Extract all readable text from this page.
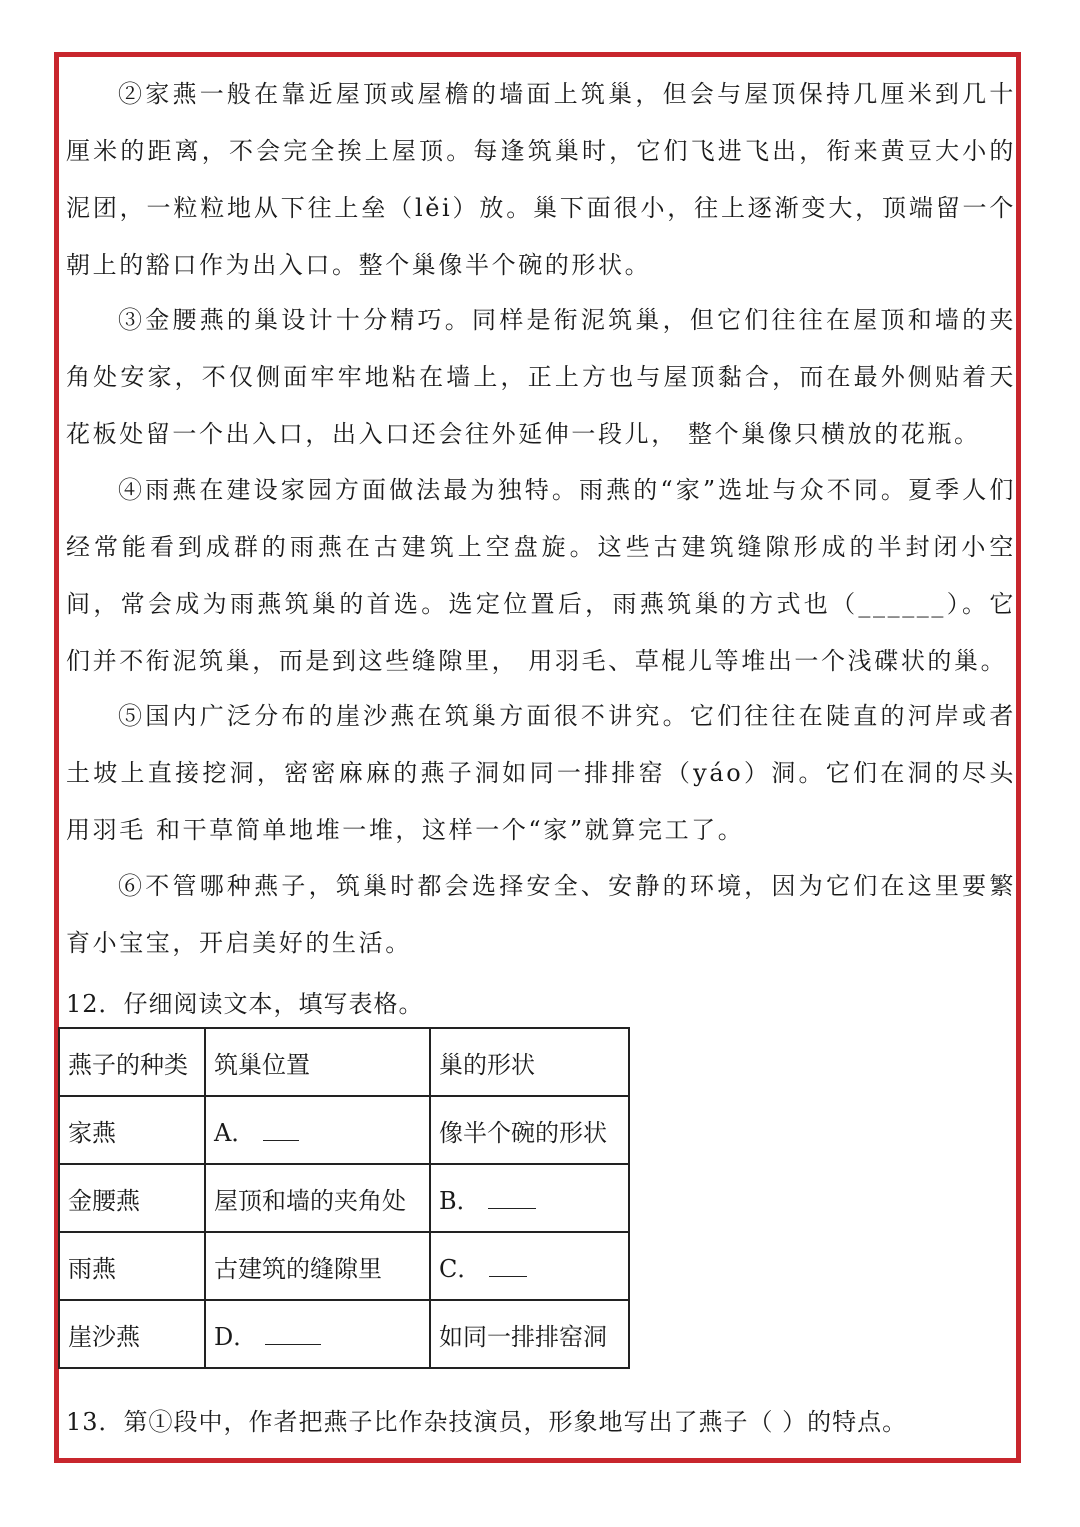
②家燕一般在靠近屋顶或屋檐的墙面上筑巢，但会与屋顶保持几厘米到几十厘米的距离，不会完全挨上屋顶。每逢筑巢时，它们飞进飞出，衔来黄豆大小的泥团，一粒粒地从下往上垒（lěi）放。巢下面很小，往上逐渐变大，顶端留一个朝上的豁口作为出入口。整个巢像半个碗的形状。

③金腰燕的巢设计十分精巧。同样是衔泥筑巢，但它们往往在屋顶和墙的夹角处安家，不仅侧面牢牢地粘在墙上，正上方也与屋顶黏合，而在最外侧贴着天花板处留一个出入口，出入口还会往外延伸一段儿， 整个巢像只横放的花瓶。

④雨燕在建设家园方面做法最为独特。雨燕的“家”选址与众不同。夏季人们经常能看到成群的雨燕在古建筑上空盘旋。这些古建筑缝隙形成的半封闭小空间，常会成为雨燕筑巢的首选。选定位置后，雨燕筑巢的方式也（______）。它们并不衔泥筑巢，而是到这些缝隙里， 用羽毛、草棍儿等堆出一个浅碟状的巢。

⑤国内广泛分布的崖沙燕在筑巢方面很不讲究。它们往往在陡直的河岸或者土坡上直接挖洞，密密麻麻的燕子洞如同一排排窑（yáo）洞。它们在洞的尽头用羽毛 和干草简单地堆一堆，这样一个“家”就算完工了。

⑥不管哪种燕子，筑巢时都会选择安全、安静的环境，因为它们在这里要繁育小宝宝，开启美好的生活。

12．仔细阅读文本，填写表格。

燕子的种类	筑巢位置	巢的形状
家燕	A．	像半个碗的形状
金腰燕	屋顶和墙的夹角处	B．
雨燕	古建筑的缝隙里	C．
崖沙燕	D．	如同一排排窑洞

13．第①段中，作者把燕子比作杂技演员，形象地写出了燕子（ ）的特点。
